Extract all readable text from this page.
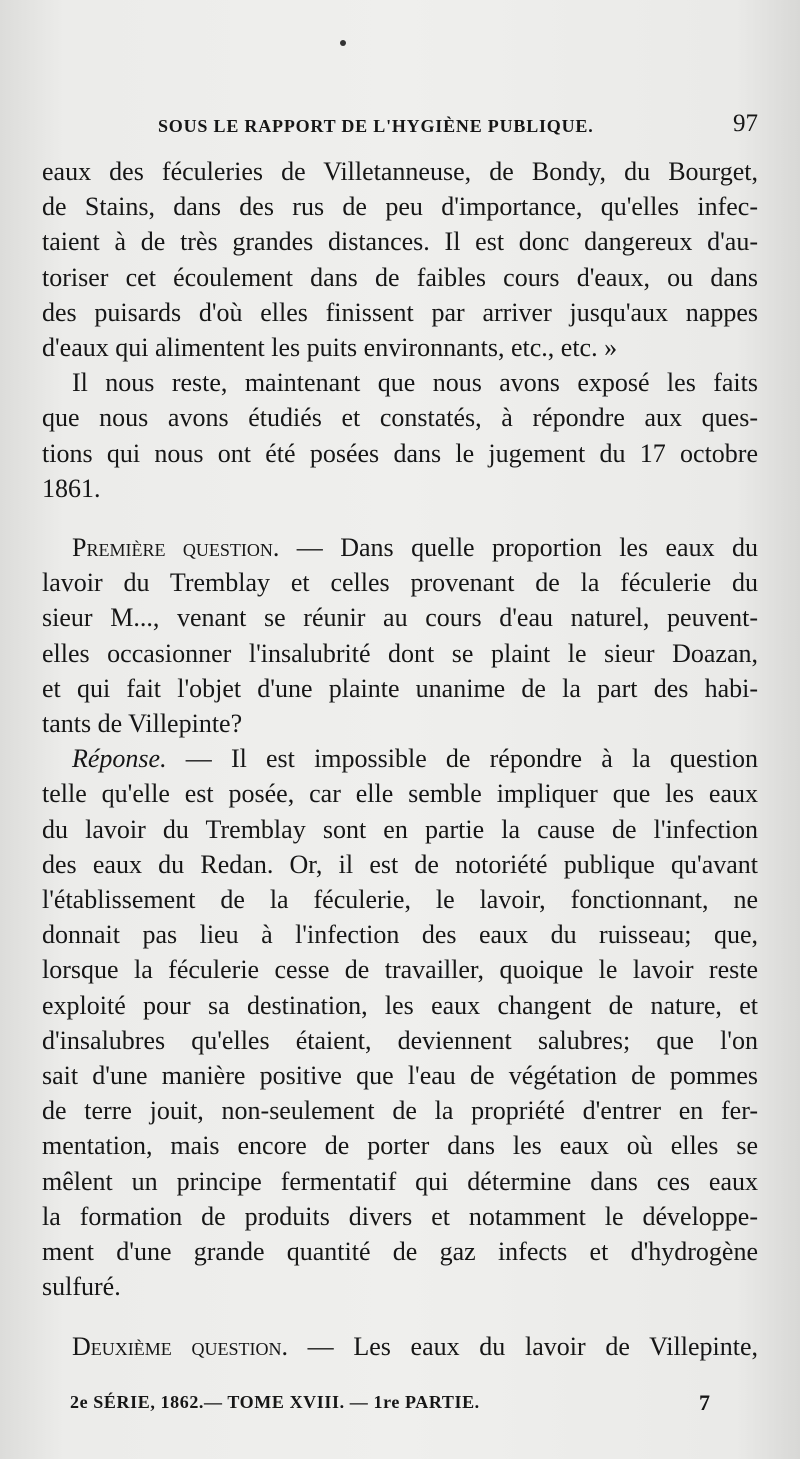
SOUS LE RAPPORT DE L'HYGIÈNE PUBLIQUE.	97
eaux des féculeries de Villetanneuse, de Bondy, du Bourget,
de Stains, dans des rus de peu d'importance, qu'elles infec-
taient à de très grandes distances. Il est donc dangereux d'au-
toriser cet écoulement dans de faibles cours d'eaux, ou dans
des puisards d'où elles finissent par arriver jusqu'aux nappes
d'eaux qui alimentent les puits environnants, etc., etc. »
Il nous reste, maintenant que nous avons exposé les faits
que nous avons étudiés et constatés, à répondre aux ques-
tions qui nous ont été posées dans le jugement du 17 octobre
1861.
Première question. — Dans quelle proportion les eaux du
lavoir du Tremblay et celles provenant de la féculerie du
sieur M..., venant se réunir au cours d'eau naturel, peuvent-
elles occasionner l'insalubrité dont se plaint le sieur Doazan,
et qui fait l'objet d'une plainte unanime de la part des habi-
tants de Villepinte?
Réponse. — Il est impossible de répondre à la question
telle qu'elle est posée, car elle semble impliquer que les eaux
du lavoir du Tremblay sont en partie la cause de l'infection
des eaux du Redan. Or, il est de notoriété publique qu'avant
l'établissement de la féculerie, le lavoir, fonctionnant, ne
donnait pas lieu à l'infection des eaux du ruisseau; que,
lorsque la féculerie cesse de travailler, quoique le lavoir reste
exploité pour sa destination, les eaux changent de nature, et
d'insalubres qu'elles étaient, deviennent salubres; que l'on
sait d'une manière positive que l'eau de végétation de pommes
de terre jouit, non-seulement de la propriété d'entrer en fer-
mentation, mais encore de porter dans les eaux où elles se
mêlent un principe fermentatif qui détermine dans ces eaux
la formation de produits divers et notamment le développe-
ment d'une grande quantité de gaz infects et d'hydrogène
sulfuré.
Deuxième question. — Les eaux du lavoir de Villepinte,
2e SÉRIE, 1862.— TOME XVIII. — 1re PARTIE.	7
